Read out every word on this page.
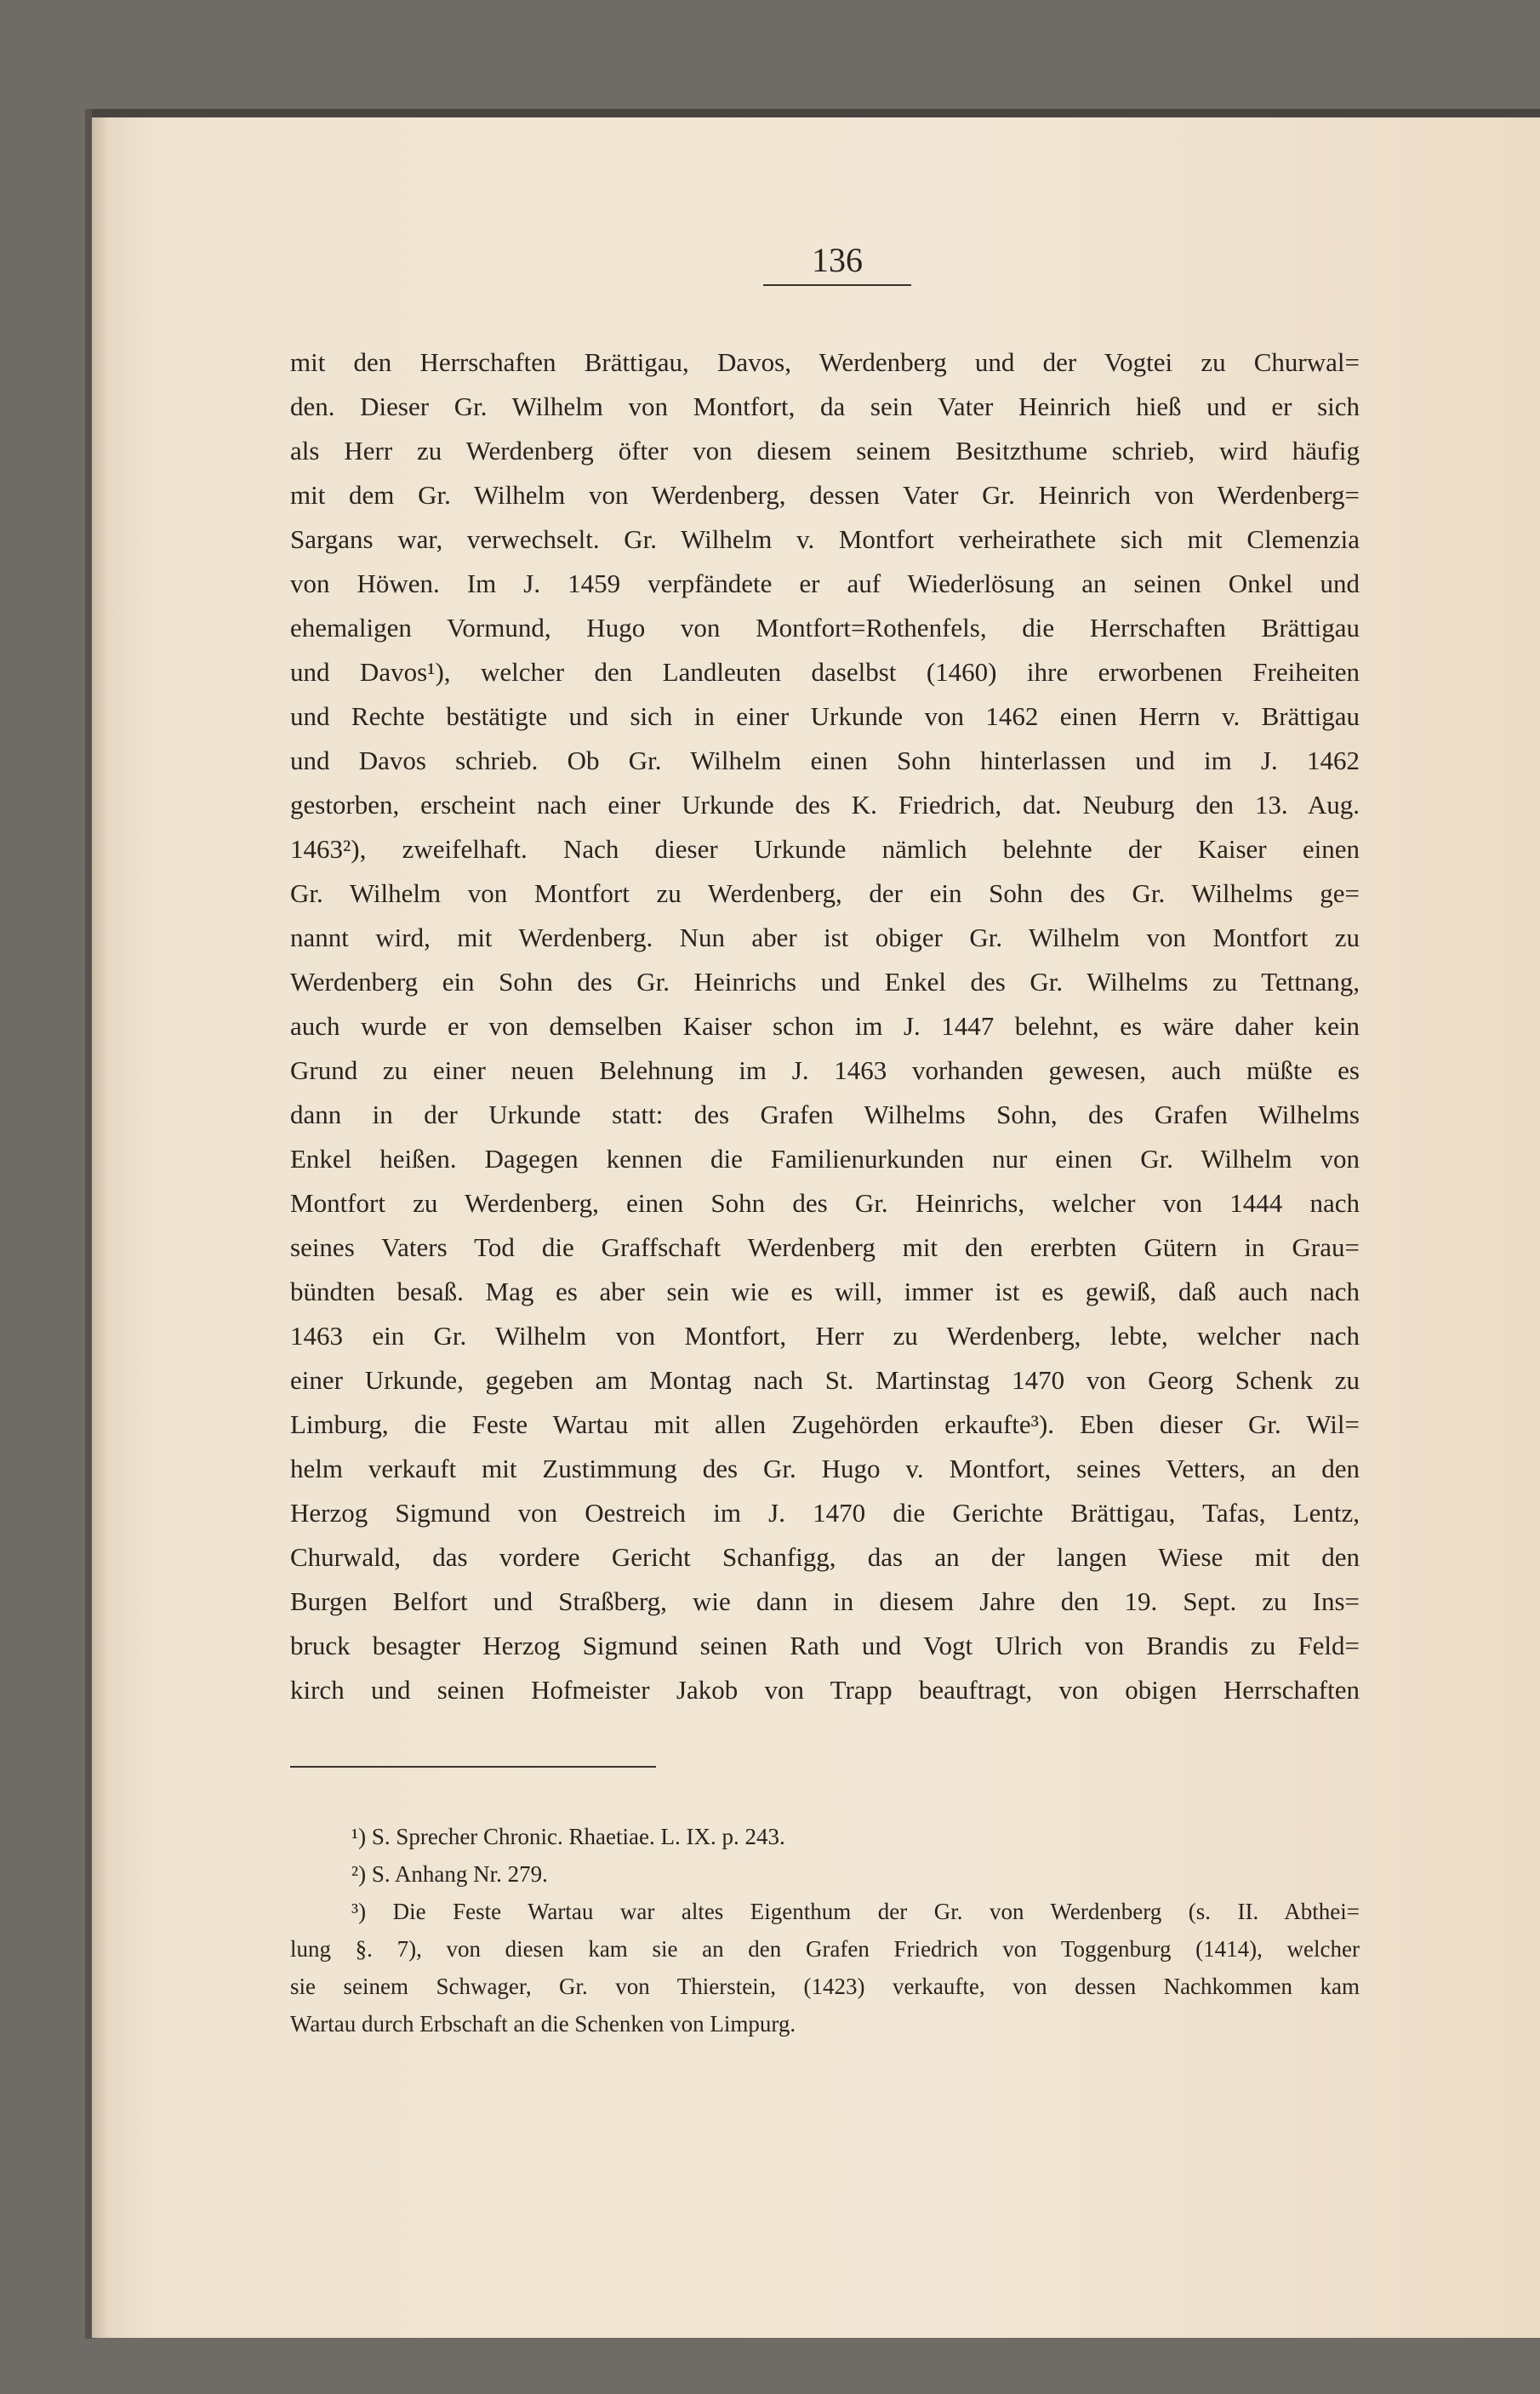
136
mit den Herrschaften Brättigau, Davos, Werdenberg und der Vogtei zu Churwal=
den. Dieser Gr. Wilhelm von Montfort, da sein Vater Heinrich hieß und er sich
als Herr zu Werdenberg öfter von diesem seinem Besitzthume schrieb, wird häufig
mit dem Gr. Wilhelm von Werdenberg, dessen Vater Gr. Heinrich von Werdenberg=
Sargans war, verwechselt. Gr. Wilhelm v. Montfort verheirathete sich mit Clemenzia
von Höwen. Im J. 1459 verpfändete er auf Wiederlösung an seinen Onkel und
ehemaligen Vormund, Hugo von Montfort=Rothenfels, die Herrschaften Brättigau
und Davos¹), welcher den Landleuten daselbst (1460) ihre erworbenen Freiheiten
und Rechte bestätigte und sich in einer Urkunde von 1462 einen Herrn v. Brättigau
und Davos schrieb. Ob Gr. Wilhelm einen Sohn hinterlassen und im J. 1462
gestorben, erscheint nach einer Urkunde des K. Friedrich, dat. Neuburg den 13. Aug.
1463²), zweifelhaft. Nach dieser Urkunde nämlich belehnte der Kaiser einen
Gr. Wilhelm von Montfort zu Werdenberg, der ein Sohn des Gr. Wilhelms ge=
nannt wird, mit Werdenberg. Nun aber ist obiger Gr. Wilhelm von Montfort zu
Werdenberg ein Sohn des Gr. Heinrichs und Enkel des Gr. Wilhelms zu Tettnang,
auch wurde er von demselben Kaiser schon im J. 1447 belehnt, es wäre daher kein
Grund zu einer neuen Belehnung im J. 1463 vorhanden gewesen, auch müßte es
dann in der Urkunde statt: des Grafen Wilhelms Sohn, des Grafen Wilhelms
Enkel heißen. Dagegen kennen die Familienurkunden nur einen Gr. Wilhelm von
Montfort zu Werdenberg, einen Sohn des Gr. Heinrichs, welcher von 1444 nach
seines Vaters Tod die Graffschaft Werdenberg mit den ererbten Gütern in Grau=
bündten besaß. Mag es aber sein wie es will, immer ist es gewiß, daß auch nach
1463 ein Gr. Wilhelm von Montfort, Herr zu Werdenberg, lebte, welcher nach
einer Urkunde, gegeben am Montag nach St. Martinstag 1470 von Georg Schenk zu
Limburg, die Feste Wartau mit allen Zugehörden erkaufte³). Eben dieser Gr. Wil=
helm verkauft mit Zustimmung des Gr. Hugo v. Montfort, seines Vetters, an den
Herzog Sigmund von Oestreich im J. 1470 die Gerichte Brättigau, Tafas, Lentz,
Churwald, das vordere Gericht Schanfigg, das an der langen Wiese mit den
Burgen Belfort und Straßberg, wie dann in diesem Jahre den 19. Sept. zu Ins=
bruck besagter Herzog Sigmund seinen Rath und Vogt Ulrich von Brandis zu Feld=
kirch und seinen Hofmeister Jakob von Trapp beauftragt, von obigen Herrschaften
¹) S. Sprecher Chronic. Rhaetiae. L. IX. p. 243.
²) S. Anhang Nr. 279.
³) Die Feste Wartau war altes Eigenthum der Gr. von Werdenberg (s. II. Abthei=
lung §. 7), von diesen kam sie an den Grafen Friedrich von Toggenburg (1414), welcher
sie seinem Schwager, Gr. von Thierstein, (1423) verkaufte, von dessen Nachkommen kam
Wartau durch Erbschaft an die Schenken von Limpurg.
